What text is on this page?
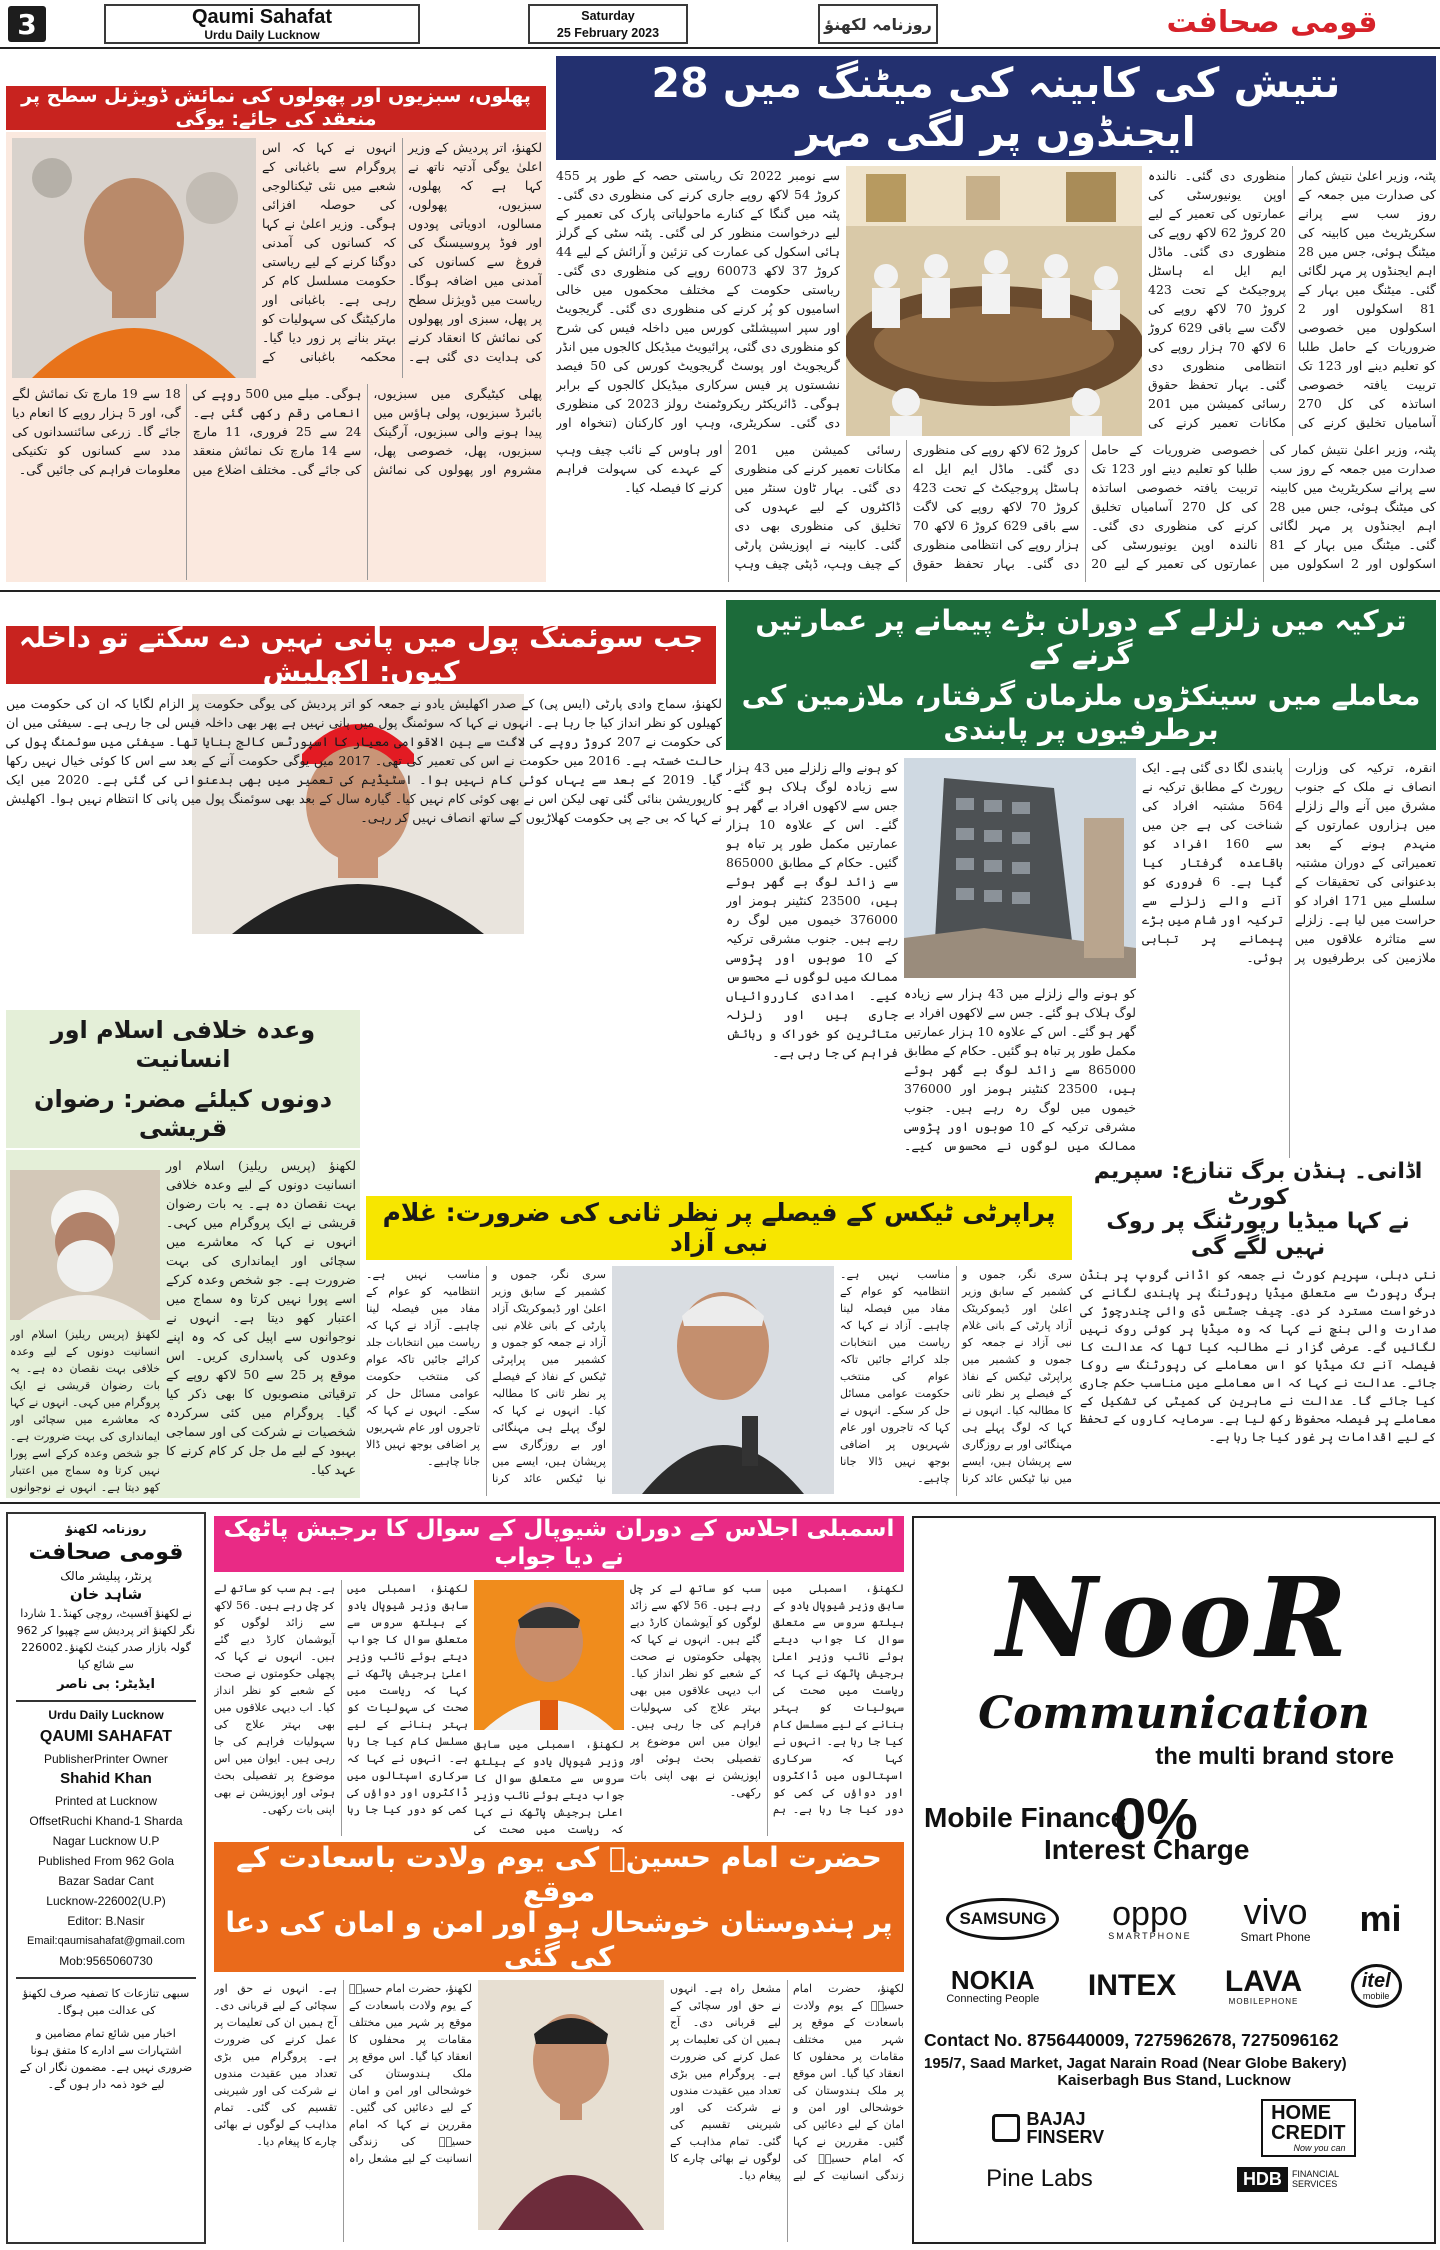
3	Qaumi Sahafat
Urdu Daily Lucknow
Saturday
25 February 2023	روزنامہ لکھنؤ	قومی صحافت
نتیش کی کابینہ کی میٹنگ میں 28 ایجنڈوں پر لگی مہر
پٹنہ، وزیر اعلیٰ نتیش کمار کی صدارت میں جمعہ کے روز سب سے پرانے سکریٹریٹ میں کابینہ کی میٹنگ ہوئی، جس میں 28 اہم ایجنڈوں پر مہر لگائی گئی۔ میٹنگ میں بہار کے 81 اسکولوں اور 2 اسکولوں میں خصوصی ضروریات کے حامل طلبا کو تعلیم دینے اور 123 تک تربیت یافتہ خصوصی اساتذہ کی کل 270 آسامیاں تخلیق کرنے کی منظوری دی گئی۔ نالندہ اوپن یونیورسٹی کی عمارتوں کی تعمیر کے لیے 20 کروڑ 62 لاکھ روپے کی منظوری دی گئی۔ ماڈل ایم ایل اے ہاسٹل پروجیکٹ کے تحت 423 کروڑ 70 لاکھ روپے کی لاگت سے باقی 629 کروڑ 6 لاکھ 70 ہزار روپے کی انتظامی منظوری دی گئی۔ بہار تحفظ حقوق رسائی کمیشن میں 201 مکانات تعمیر کرنے کی
سے نومبر 2022 تک ریاستی حصہ کے طور پر 455 کروڑ 54 لاکھ روپے جاری کرنے کی منظوری دی گئی۔ پٹنہ میں گنگا کے کنارے ماحولیاتی پارک کی تعمیر کے لیے درخواست منظور کر لی گئی۔ پٹنہ سٹی کے گرلز ہائی اسکول کی عمارت کی تزئین و آرائش کے لیے 44 کروڑ 37 لاکھ 60073 روپے کی منظوری دی گئی۔ ریاستی حکومت کے مختلف محکموں میں خالی اسامیوں کو پُر کرنے کی منظوری دی گئی۔ گریجویٹ اور سپر اسپیشلٹی کورس میں داخلہ فیس کی شرح کو منظوری دی گئی، پرائیویٹ میڈیکل کالجوں میں انڈر گریجویٹ اور پوسٹ گریجویٹ کورس کی 50 فیصد نشستوں پر فیس سرکاری میڈیکل کالجوں کے برابر ہوگی۔ ڈائریکٹر ریکروٹمنٹ رولز 2023 کی منظوری دی گئی۔ سکریٹری، وہپ اور کارکنان (تنخواہ اور
پٹنہ، وزیر اعلیٰ نتیش کمار کی صدارت میں جمعہ کے روز سب سے پرانے سکریٹریٹ میں کابینہ کی میٹنگ ہوئی، جس میں 28 اہم ایجنڈوں پر مہر لگائی گئی۔ میٹنگ میں بہار کے 81 اسکولوں اور 2 اسکولوں میں خصوصی ضروریات کے حامل طلبا کو تعلیم دینے اور 123 تک تربیت یافتہ خصوصی اساتذہ کی کل 270 آسامیاں تخلیق کرنے کی منظوری دی گئی۔ نالندہ اوپن یونیورسٹی کی عمارتوں کی تعمیر کے لیے 20 کروڑ 62 لاکھ روپے کی منظوری دی گئی۔ ماڈل ایم ایل اے ہاسٹل پروجیکٹ کے تحت 423 کروڑ 70 لاکھ روپے کی لاگت سے باقی 629 کروڑ 6 لاکھ 70 ہزار روپے کی انتظامی منظوری دی گئی۔ بہار تحفظ حقوق رسائی کمیشن میں 201 مکانات تعمیر کرنے کی منظوری دی گئی۔ بہار ٹاون سنٹر میں ڈاکٹروں کے لیے عہدوں کی تخلیق کی منظوری بھی دی گئی۔ کابینہ نے اپوزیشن پارٹی کے چیف وہپ، ڈپٹی چیف وہپ اور ہاوس کے نائب چیف وہپ کے عہدے کی سہولت فراہم کرنے کا فیصلہ کیا۔
پھلوں، سبزیوں اور پھولوں کی نمائش ڈویژنل سطح پر منعقد کی جائے: یوگی
لکھنؤ، اتر پردیش کے وزیر اعلیٰ یوگی آدتیہ ناتھ نے کہا ہے کہ پھلوں، سبزیوں، پھولوں، مسالوں، ادویاتی پودوں اور فوڈ پروسیسنگ کی فروغ سے کسانوں کی آمدنی میں اضافہ ہوگا۔ ریاست میں ڈویژنل سطح پر پھل، سبزی اور پھولوں کی نمائش کا انعقاد کرنے کی ہدایت دی گئی ہے۔ انہوں نے کہا کہ اس پروگرام سے باغبانی کے شعبے میں نئی ٹیکنالوجی کی حوصلہ افزائی ہوگی۔ وزیر اعلیٰ نے کہا کہ کسانوں کی آمدنی دوگنا کرنے کے لیے ریاستی حکومت مسلسل کام کر رہی ہے۔ باغبانی اور مارکیٹنگ کی سہولیات کو بہتر بنانے پر زور دیا گیا۔ محکمہ باغبانی کے
پھلی کیٹیگری میں سبزیوں، بائبرڈ سبزیوں، پولی ہاؤس میں پیدا ہونے والی سبزیوں، آرگینک سبزیوں، پھل، خصوصی پھل، مشروم اور پھولوں کی نمائش ہوگی۔ میلے میں 500 روپے کی انعامی رقم رکھی گئی ہے۔ 24 سے 25 فروری، 11 مارچ سے 14 مارچ تک نمائش منعقد کی جائے گی۔ مختلف اضلاع میں 18 سے 19 مارچ تک نمائش لگے گی، اور 5 ہزار روپے کا انعام دیا جائے گا۔ زرعی سائنسدانوں کی مدد سے کسانوں کو تکنیکی معلومات فراہم کی جائیں گی۔
جب سوئمنگ پول میں پانی نہیں دے سکتے تو داخلہ کیوں: اکھلیش
لکھنؤ، سماج وادی پارٹی (ایس پی) کے صدر اکھلیش یادو نے جمعہ کو اتر پردیش کی یوگی حکومت پر الزام لگایا کہ ان کی حکومت میں کھیلوں کو نظر انداز کیا جا رہا ہے۔ انہوں نے کہا کہ سوئمنگ پول میں پانی نہیں ہے پھر بھی داخلہ فیس لی جا رہی ہے۔ سیفئی میں ان کی حکومت نے 207 کروڑ روپے کی لاگت سے بین الاقوامی معیار کا اسپورٹس کالج بنایا تھا۔ سیفئی میں سوئمنگ پول کی حالت خستہ ہے۔ 2016 میں حکومت نے اس کی تعمیر کی تھی۔ 2017 میں یوگی حکومت آنے کے بعد سے اس کا کوئی خیال نہیں رکھا گیا۔ 2019 کے بعد سے یہاں کوئی کام نہیں ہوا۔ اسٹیڈیم کی تعمیر میں بھی بدعنوانی کی گئی ہے۔ 2020 میں ایک کارپوریشن بنائی گئی تھی لیکن اس نے بھی کوئی کام نہیں کیا۔ گیارہ سال کے بعد بھی سوئمنگ پول میں پانی کا انتظام نہیں ہوا۔ اکھلیش نے کہا کہ بی جے پی حکومت کھلاڑیوں کے ساتھ انصاف نہیں کر رہی۔
ترکیہ میں زلزلے کے دوران بڑے پیمانے پر عمارتیں گرنے کے
معاملے میں سینکڑوں ملزمان گرفتار، ملازمین کی برطرفیوں پر پابندی
انقرہ، ترکیہ کی وزارت انصاف نے ملک کے جنوب مشرق میں آنے والے زلزلے میں ہزاروں عمارتوں کے منہدم ہونے کے بعد تعمیراتی کے دوران مشتبہ بدعنوانی کی تحقیقات کے سلسلے میں 171 افراد کو حراست میں لیا ہے۔ زلزلے سے متاثرہ علاقوں میں ملازمین کی برطرفیوں پر پابندی لگا دی گئی ہے۔ ایک رپورٹ کے مطابق ترکیہ نے 564 مشتبہ افراد کی شناخت کی ہے جن میں سے 160 افراد کو باقاعدہ گرفتار کیا گیا ہے۔ 6 فروری کو آنے والے زلزلے سے ترکیہ اور شام میں بڑے پیمانے پر تباہی ہوئی۔
کو ہونے والے زلزلے میں 43 ہزار سے زیادہ لوگ ہلاک ہو گئے۔ جس سے لاکھوں افراد بے گھر ہو گئے۔ اس کے علاوہ 10 ہزار عمارتیں مکمل طور پر تباہ ہو گئیں۔ حکام کے مطابق 865000 سے زائد لوگ بے گھر ہوئے ہیں، 23500 کنٹینر ہومز اور 376000 خیموں میں لوگ رہ رہے ہیں۔ جنوب مشرقی ترکیہ کے 10 صوبوں اور پڑوسی ممالک میں لوگوں نے محسوس کیے۔ امدادی کارروائیاں جاری ہیں اور زلزلہ متاثرین کو خوراک و رہائش فراہم کی جا رہی ہے۔
کو ہونے والے زلزلے میں 43 ہزار سے زیادہ لوگ ہلاک ہو گئے۔ جس سے لاکھوں افراد بے گھر ہو گئے۔ اس کے علاوہ 10 ہزار عمارتیں مکمل طور پر تباہ ہو گئیں۔ حکام کے مطابق 865000 سے زائد لوگ بے گھر ہوئے ہیں، 23500 کنٹینر ہومز اور 376000 خیموں میں لوگ رہ رہے ہیں۔ جنوب مشرقی ترکیہ کے 10 صوبوں اور پڑوسی ممالک میں لوگوں نے محسوس کیے۔
وعدہ خلافی اسلام اور انسانیت
دونوں کیلئے مضر: رضوان قریشی
لکھنؤ (پریس ریلیز) اسلام اور انسانیت دونوں کے لیے وعدہ خلافی بہت نقصان دہ ہے۔ یہ بات رضوان قریشی نے ایک پروگرام میں کہی۔ انہوں نے کہا کہ معاشرے میں سچائی اور ایمانداری کی بہت ضرورت ہے۔ جو شخص وعدہ کرکے اسے پورا نہیں کرتا وہ سماج میں اعتبار کھو دیتا ہے۔ انہوں نے نوجوانوں سے اپیل کی کہ وہ اپنے وعدوں کی پاسداری کریں۔ اس موقع پر 25 سے 50 لاکھ روپے کے ترقیاتی منصوبوں کا بھی ذکر کیا گیا۔ پروگرام میں کئی سرکردہ شخصیات نے شرکت کی اور سماجی بہبود کے لیے مل جل کر کام کرنے کا عہد کیا۔
لکھنؤ (پریس ریلیز) اسلام اور انسانیت دونوں کے لیے وعدہ خلافی بہت نقصان دہ ہے۔ یہ بات رضوان قریشی نے ایک پروگرام میں کہی۔ انہوں نے کہا کہ معاشرے میں سچائی اور ایمانداری کی بہت ضرورت ہے۔ جو شخص وعدہ کرکے اسے پورا نہیں کرتا وہ سماج میں اعتبار کھو دیتا ہے۔ انہوں نے نوجوانوں
پراپرٹی ٹیکس کے فیصلے پر نظر ثانی کی ضرورت: غلام نبی آزاد
سری نگر، جموں و کشمیر کے سابق وزیر اعلیٰ اور ڈیموکریٹک آزاد پارٹی کے بانی غلام نبی آزاد نے جمعہ کو جموں و کشمیر میں پراپرٹی ٹیکس کے نفاذ کے فیصلے پر نظر ثانی کا مطالبہ کیا۔ انہوں نے کہا کہ لوگ پہلے ہی مہنگائی اور بے روزگاری سے پریشان ہیں، ایسے میں نیا ٹیکس عائد کرنا مناسب نہیں ہے۔ انتظامیہ کو عوام کے مفاد میں فیصلہ لینا چاہیے۔ آزاد نے کہا کہ ریاست میں انتخابات جلد کرائے جائیں تاکہ عوام کی منتخب حکومت عوامی مسائل حل کر سکے۔ انہوں نے کہا کہ تاجروں اور عام شہریوں پر اضافی بوجھ نہیں ڈالا جانا چاہیے۔
سری نگر، جموں و کشمیر کے سابق وزیر اعلیٰ اور ڈیموکریٹک آزاد پارٹی کے بانی غلام نبی آزاد نے جمعہ کو جموں و کشمیر میں پراپرٹی ٹیکس کے نفاذ کے فیصلے پر نظر ثانی کا مطالبہ کیا۔ انہوں نے کہا کہ لوگ پہلے ہی مہنگائی اور بے روزگاری سے پریشان ہیں، ایسے میں نیا ٹیکس عائد کرنا مناسب نہیں ہے۔ انتظامیہ کو عوام کے مفاد میں فیصلہ لینا چاہیے۔ آزاد نے کہا کہ ریاست میں انتخابات جلد کرائے جائیں تاکہ عوام کی منتخب حکومت عوامی مسائل حل کر سکے۔ انہوں نے کہا کہ تاجروں اور عام شہریوں پر اضافی بوجھ نہیں ڈالا جانا چاہیے۔
اڈانی۔ ہنڈن برگ تنازع: سپریم کورٹ
نے کہا میڈیا رپورٹنگ پر روک نہیں لگے گی
نئی دہلی، سپریم کورٹ نے جمعہ کو اڈانی گروپ پر ہنڈن برگ رپورٹ سے متعلق میڈیا رپورٹنگ پر پابندی لگانے کی درخواست مسترد کر دی۔ چیف جسٹس ڈی وائی چندرچوڑ کی صدارت والی بنچ نے کہا کہ وہ میڈیا پر کوئی روک نہیں لگائیں گے۔ عرضی گزار نے مطالبہ کیا تھا کہ عدالت کا فیصلہ آنے تک میڈیا کو اس معاملے کی رپورٹنگ سے روکا جائے۔ عدالت نے کہا کہ اس معاملے میں مناسب حکم جاری کیا جائے گا۔ عدالت نے ماہرین کی کمیٹی کی تشکیل کے معاملے پر فیصلہ محفوظ رکھ لیا ہے۔ سرمایہ کاروں کے تحفظ کے لیے اقدامات پر غور کیا جا رہا ہے۔
روزنامہ لکھنؤ
قومی صحافت
پرنٹر، پبلیشر مالک
شاہد خان
نے لکھنؤ آفسیٹ، روچی کھنڈ۔1 شاردا نگر لکھنؤ اتر پردیش سے چھپوا کر 962 گولہ بازار صدر کینٹ لکھنؤ۔226002 سے شائع کیا
ایڈیٹر: بی ناصر
Urdu Daily Lucknow
QAUMI SAHAFAT
PublisherPrinter Owner
Shahid Khan
Printed at Lucknow
OffsetRuchi Khand-1 Sharda
Nagar Lucknow U.P
Published From 962 Gola
Bazar Sadar Cant
Lucknow-226002(U.P)
Editor: B.Nasir
Email:qaumisahafat@gmail.com
Mob:9565060730
سبھی تنازعات کا تصفیہ صرف لکھنؤ کی عدالت میں ہوگا۔
اخبار میں شائع تمام مضامین و اشتہارات سے ادارے کا متفق ہونا ضروری نہیں ہے۔ مضمون نگار ان کے لیے خود ذمہ دار ہوں گے۔
اسمبلی اجلاس کے دوران شیوپال کے سوال کا برجیش پاٹھک نے دیا جواب
لکھنؤ، اسمبلی میں سابق وزیر شیوپال یادو کے ہیلتھ سروس سے متعلق سوال کا جواب دیتے ہوئے نائب وزیر اعلیٰ برجیش پاٹھک نے کہا کہ ریاست میں صحت کی سہولیات کو بہتر بنانے کے لیے مسلسل کام کیا جا رہا ہے۔ انہوں نے کہا کہ سرکاری اسپتالوں میں ڈاکٹروں اور دواؤں کی کمی کو دور کیا جا رہا ہے۔ ہم سب کو ساتھ لے کر چل رہے ہیں۔ 56 لاکھ سے زائد لوگوں کو آیوشمان کارڈ دیے گئے ہیں۔ انہوں نے کہا کہ پچھلی حکومتوں نے صحت کے شعبے کو نظر انداز کیا۔ اب دیہی علاقوں میں بھی بہتر علاج کی سہولیات فراہم کی جا رہی ہیں۔ ایوان میں اس موضوع پر تفصیلی بحث ہوئی اور اپوزیشن نے بھی اپنی بات رکھی۔
لکھنؤ، اسمبلی میں سابق وزیر شیوپال یادو کے ہیلتھ سروس سے متعلق سوال کا جواب دیتے ہوئے نائب وزیر اعلیٰ برجیش پاٹھک نے کہا کہ ریاست میں صحت کی سہولیات کو بہتر بنانے کے لیے مسلسل کام کیا جا رہا ہے۔ انہوں نے کہا کہ سرکاری اسپتالوں میں ڈاکٹروں اور دواؤں کی کمی کو دور کیا جا رہا ہے۔ ہم سب کو ساتھ لے کر چل رہے ہیں۔ 56 لاکھ سے زائد لوگوں کو آیوشمان کارڈ دیے گئے ہیں۔ انہوں نے کہا کہ پچھلی حکومتوں نے صحت کے شعبے کو نظر انداز کیا۔ اب دیہی علاقوں میں بھی بہتر علاج کی سہولیات فراہم کی جا رہی ہیں۔ ایوان میں اس موضوع پر تفصیلی بحث ہوئی اور اپوزیشن نے بھی اپنی بات رکھی۔
لکھنؤ، اسمبلی میں سابق وزیر شیوپال یادو کے ہیلتھ سروس سے متعلق سوال کا جواب دیتے ہوئے نائب وزیر اعلیٰ برجیش پاٹھک نے کہا کہ ریاست میں صحت کی
حضرت امام حسینؑ کی یوم ولادت باسعادت کے موقع
پر ہندوستان خوشحال ہو اور امن و امان کی دعا کی گئی
لکھنؤ، حضرت امام حسینؑ کے یوم ولادت باسعادت کے موقع پر شہر میں مختلف مقامات پر محفلوں کا انعقاد کیا گیا۔ اس موقع پر ملک ہندوستان کی خوشحالی اور امن و امان کے لیے دعائیں کی گئیں۔ مقررین نے کہا کہ امام حسینؑ کی زندگی انسانیت کے لیے مشعل راہ ہے۔ انہوں نے حق اور سچائی کے لیے قربانی دی۔ آج ہمیں ان کی تعلیمات پر عمل کرنے کی ضرورت ہے۔ پروگرام میں بڑی تعداد میں عقیدت مندوں نے شرکت کی اور شیرینی تقسیم کی گئی۔ تمام مذاہب کے لوگوں نے بھائی چارے کا پیغام دیا۔
لکھنؤ، حضرت امام حسینؑ کے یوم ولادت باسعادت کے موقع پر شہر میں مختلف مقامات پر محفلوں کا انعقاد کیا گیا۔ اس موقع پر ملک ہندوستان کی خوشحالی اور امن و امان کے لیے دعائیں کی گئیں۔ مقررین نے کہا کہ امام حسینؑ کی زندگی انسانیت کے لیے مشعل راہ ہے۔ انہوں نے حق اور سچائی کے لیے قربانی دی۔ آج ہمیں ان کی تعلیمات پر عمل کرنے کی ضرورت ہے۔ پروگرام میں بڑی تعداد میں عقیدت مندوں نے شرکت کی اور شیرینی تقسیم کی گئی۔ تمام مذاہب کے لوگوں نے بھائی چارے کا پیغام دیا۔
NooR
Communication
the multi brand store
Mobile Finance
Interest Charge
0%
SAMSUNG	oppo
SMARTPHONE
vivo
Smart Phone mi
NOKIA
Connecting People INTEX LAVA
MOBILEPHONE
itel
mobile
Contact No. 8756440009, 7275962678, 7275096162
195/7, Saad Market, Jagat Narain Road (Near Globe Bakery)
Kaiserbagh Bus Stand, Lucknow
BAJAJ
FINSERV
HOME
CREDIT
Now you can
Pine Labs	HDB	FINANCIAL SERVICES
